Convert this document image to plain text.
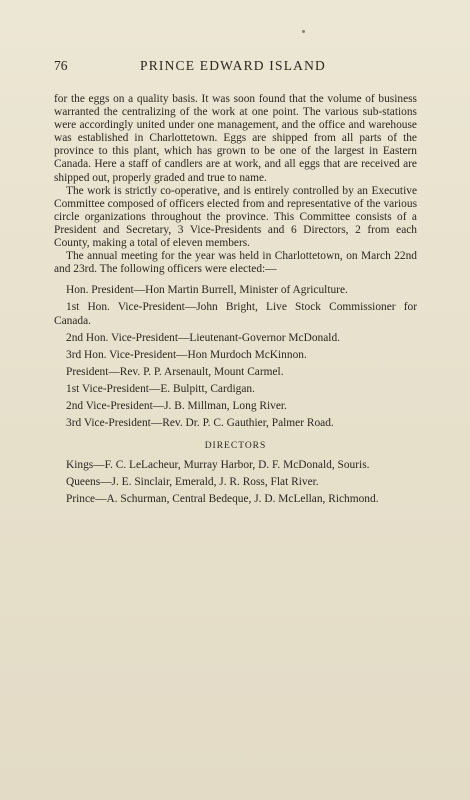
76	PRINCE EDWARD ISLAND

for the eggs on a quality basis. It was soon found that the volume of business warranted the centralizing of the work at one point. The various sub-stations were accordingly united under one management, and the office and warehouse was established in Charlottetown. Eggs are shipped from all parts of the province to this plant, which has grown to be one of the largest in Eastern Canada. Here a staff of candlers are at work, and all eggs that are received are shipped out, properly graded and true to name.

The work is strictly co-operative, and is entirely controlled by an Executive Committee composed of officers elected from and representative of the various circle organizations throughout the province. This Committee consists of a President and Secretary, 3 Vice-Presidents and 6 Directors, 2 from each County, making a total of eleven members.

The annual meeting for the year was held in Charlottetown, on March 22nd and 23rd. The following officers were elected:—

Hon. President—Hon Martin Burrell, Minister of Agriculture.

1st Hon. Vice-President—John Bright, Live Stock Commissioner for Canada.

2nd Hon. Vice-President—Lieutenant-Governor McDonald.

3rd Hon. Vice-President—Hon Murdoch McKinnon.

President—Rev. P. P. Arsenault, Mount Carmel.

1st Vice-President—E. Bulpitt, Cardigan.

2nd Vice-President—J. B. Millman, Long River.

3rd Vice-President—Rev. Dr. P. C. Gauthier, Palmer Road.

DIRECTORS

Kings—F. C. LeLacheur, Murray Harbor, D. F. McDonald, Souris.

Queens—J. E. Sinclair, Emerald, J. R. Ross, Flat River.

Prince—A. Schurman, Central Bedeque, J. D. McLellan, Richmond.
